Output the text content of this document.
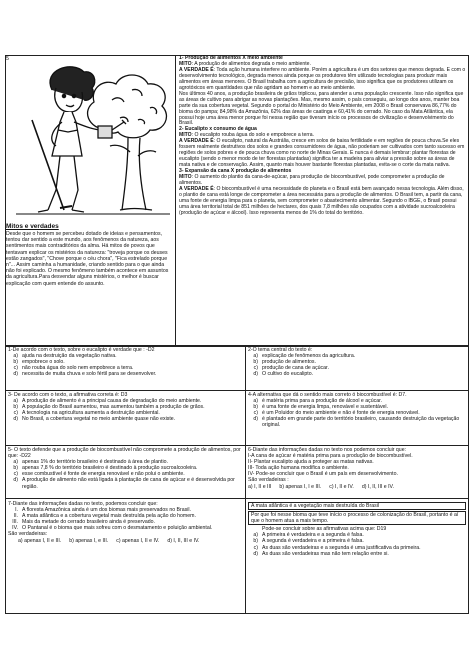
5
Mitos e verdades
Desde que o homem se percebeu dotado de ideias e pensamentos, tentou dar sentido a este mundo, aos fenômenos da natureza, aos sentimentos mais contraditórios da alma. Há mitos de povos que tentavam explicar os mistérios da natureza: "troveja porque os deuses estão zangados", "Chove porque o céu chora", "Fica estrelado porque n"... Assim caminha a humanidade, criando sentido para o que ainda não foi explicado. O mesmo fenômeno também acontece em assuntos da agricultura.Para desvendar alguns mistérios, o melhor é buscar explicação com quem entende do assunto.

1- Produção de alimentos X meio ambiente

MITO: A produção de alimentos degrada o meio ambiente.

A VERDADE É: Toda ação humana interfere no ambiente. Porém a agricultura é um dos setores que menos degrada. E com o desenvolvimento tecnológico, degrada menos ainda porque os produtores têm utilizado tecnologias para produzir mais alimentos em áreas menores. O Brasil trabalha com a agricultura de precisão, isso significa que os produtores utilizam os agrotóxicos em quantidades que não agridam ao homem e ao meio ambiente.

Nos últimos 40 anos, a produção brasileira de grãos triplicou, para atender a uma população crescente. Isso não significa que as áreas de cultivo para abrigar as novas plantações. Mas, mesmo assim, o país conseguiu, ao longo dos anos, manter boa parte da sua cobertura vegetal. Segundo o portal do Ministério do Meio Ambiente, em 2008 o Brasil conservava 86,77% do bioma do pampa; 84,98% da Amazônia, 62% das áreas de caatinga e 60,41% do cerrado. No caso da Mata Atlântica, ela possui hoje uma área menor porque foi nessa região que tiveram início os processos de civilização e desenvolvimento do Brasil.

2- Eucalipto x consumo de água

MITO: O eucalipto rouba água do solo e empobrece a terra.

A VERDADE É: O eucalipto, natural da Austrália, cresce em solos de baixa fertilidade e em regiões de pouca chuva.Se eles fossem realmente destrutivos dos solos e grandes consumidores de água, não poderiam ser cultivados com tanto sucesso em regiões de solos pobres e de pouca chuva como no norte de Minas Gerais. E nunca é demais lembrar: plantar florestas de eucalipto (sendo o menor modo de ter florestas plantadas) significa ter a madeira para aliviar a pressão sobre as áreas de mata nativa e de conservação. Assim, quanto mais houver bastante florestas plantadas, evita-se o corte da mata nativa.

3- Expansão da cana X produção de alimentos

MITO: O aumento do plantio da cana-de-açúcar, para produção de biocombustível, pode comprometer a produção de alimentos.

A VERDADE É: O biocombustível é uma necessidade do planeta e o Brasil está bem avançado nessa tecnologia. Além disso, o plantio de cana está longe de comprometer a área necessária para a produção de alimentos. O Brasil tem, a partir da cana, uma fonte de energia limpa para o planeta, sem comprometer o abastecimento alimentar. Segundo o IBGE, o Brasil possui uma área territorial total de 851 milhões de hectares, dos quais 7,8 milhões são ocupados com a atividade sucroalcooleira (produção de açúcar e álcool). Isso representa menos de 1% do total do território.

1-De acordo com o texto, sobre o eucalipto é verdade que : -D2
a) ajuda na destruição da vegetação nativa.
b) empobrece o solo.
c) não rouba água do solo nem empobrece a terra.
d) necessita de muita chuva e solo fértil para se desenvolver.
2-O tema central do texto é:
a) explicação de fenômenos da agricultura.
b) produção de alimentos.
c) produção de cana de açúcar.
d) O cultivo do eucalipto.
3- De acordo com o texto, a afirmativa correta é: D3
a) A produção de alimento é a principal causa de degradação do meio ambiente.
b) A população do Brasil aumentou, mas aumentou também a produção de grãos.
c) A tecnologia na agricultura aumenta a destruição ambiental.
d) No Brasil, a cobertura vegetal no meio ambiente quase não existe.
4-A alternativa que dá o sentido mais correto ó biocombustível é: D7.
a) é matéria prima para a produção de álcool e açúcar.
b) é uma fonte de energia limpa, renovável e sustentável.
c) é um Poluidor do meio ambiente e não é fonte de energia renovável.
d) é plantado em grande parte do território brasileiro, causando destruição da vegetação original.
5- O texto defende que a produção de biocombustível não compromete a produção de alimentos, por que: -D22
a) apenas 1% do território brasileiro é destinado à área de plantio.
b) apenas 7,8 % do território brasileiro é destinado à produção sucroalcooleira.
c) esse combustível é fonte de energia renovável e não polui o ambiente.
d) A produção de alimento não está ligada à plantação de cana de açúcar e é desenvolvida por região.
6-Diante das informações dadas no texto nos podemos concluir que:
I-A cana de açúcar é matéria prima para a produção de biocombustível.
II- Plantar eucalipto ajuda a proteger as matas nativas.
III- Toda ação humana modifica o ambiente.
IV- Pode-se concluir que o Brasil é um país em desenvolvimento.
São verdadeiras :
a) I, II e III b) apenas I, I e III. c) I, II e IV. d) I, II, III e IV.
7-Diante das informações dadas no texto, podemos concluir que:
I. A floresta Amazônica ainda é um dos biomas mais preservados no Brasil.
II. A mata atlântica e a cobertura vegetal mais destruída pela ação do homem.
III. Mais da metade do cerrado brasileiro ainda é preservado.
IV. O Pantanal é o bioma que mais sofreu com o desmatamento e poluição ambiental.
São verdadeiras:
a) apenas I, II e III. b) apenas I, e III. c) apenas I, II e IV. d) I, II, III e IV.
A mata atlântica é a vegetação mais destruída do Brasil
Por que foi nesse bioma que teve início o processo de colonização do Brasil, portanto é aí que o homem atua a mais tempo.
Pode-se concluir sobre as afirmativas acima que: D19
a) A primeira é verdadeira e a segunda é falsa.
b) A segunda é verdadeira e a primeira é falsa.
c) As duas são verdadeiras e a segunda é uma justificativa da primeira.
d) As duas são verdadeiras mas não tem relação entre si.
